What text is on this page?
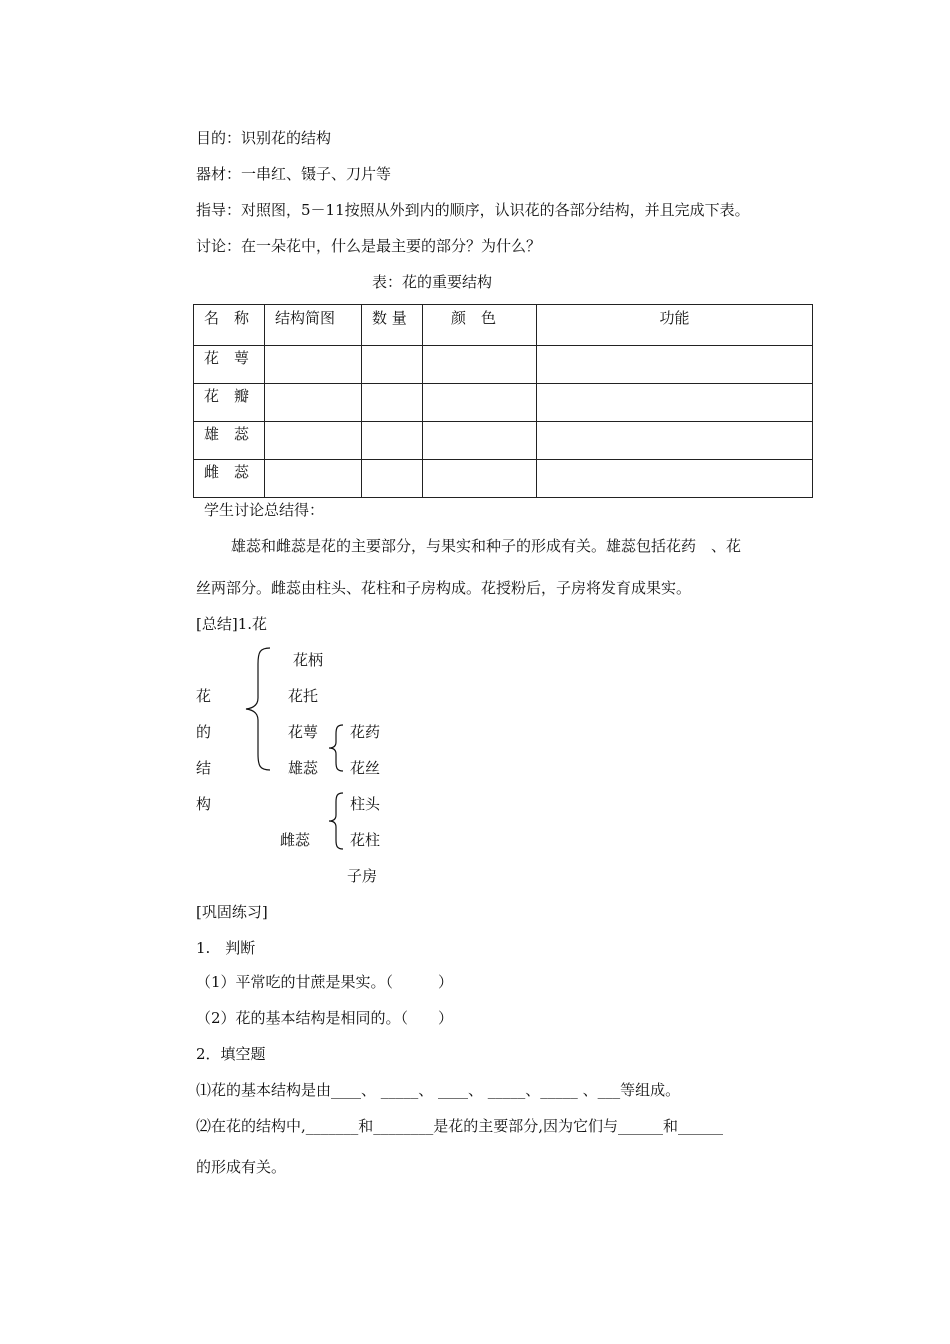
目的：识别花的结构
器材：一串红、镊子、刀片等
指导：对照图，5－11按照从外到内的顺序，认识花的各部分结构，并且完成下表。
讨论：在一朵花中，什么是最主要的部分？为什么？
表：花的重要结构
名　称	结构简图	数 量	颜　色	功能
花　萼				
花　瓣				
雄　蕊				
雌　蕊				
学生讨论总结得：
雄蕊和雌蕊是花的主要部分，与果实和种子的形成有关。雄蕊包括花药　、花
丝两部分。雌蕊由柱头、花柱和子房构成。花授粉后，子房将发育成果实。
[总结]1.花
花
的
结
构
花柄
花托
花萼
雄蕊
花药
花丝
雌蕊
柱头
花柱
子房
[巩固练习]
1.　判断
（1）平常吃的甘蔗是果实。（　　　）
（2）花的基本结构是相同的。（　　）
2．填空题
⑴花的基本结构是由____、 _____、 ____、 _____、_____ 、___等组成。
⑵在花的结构中,_______和________是花的主要部分,因为它们与______和______
的形成有关。
